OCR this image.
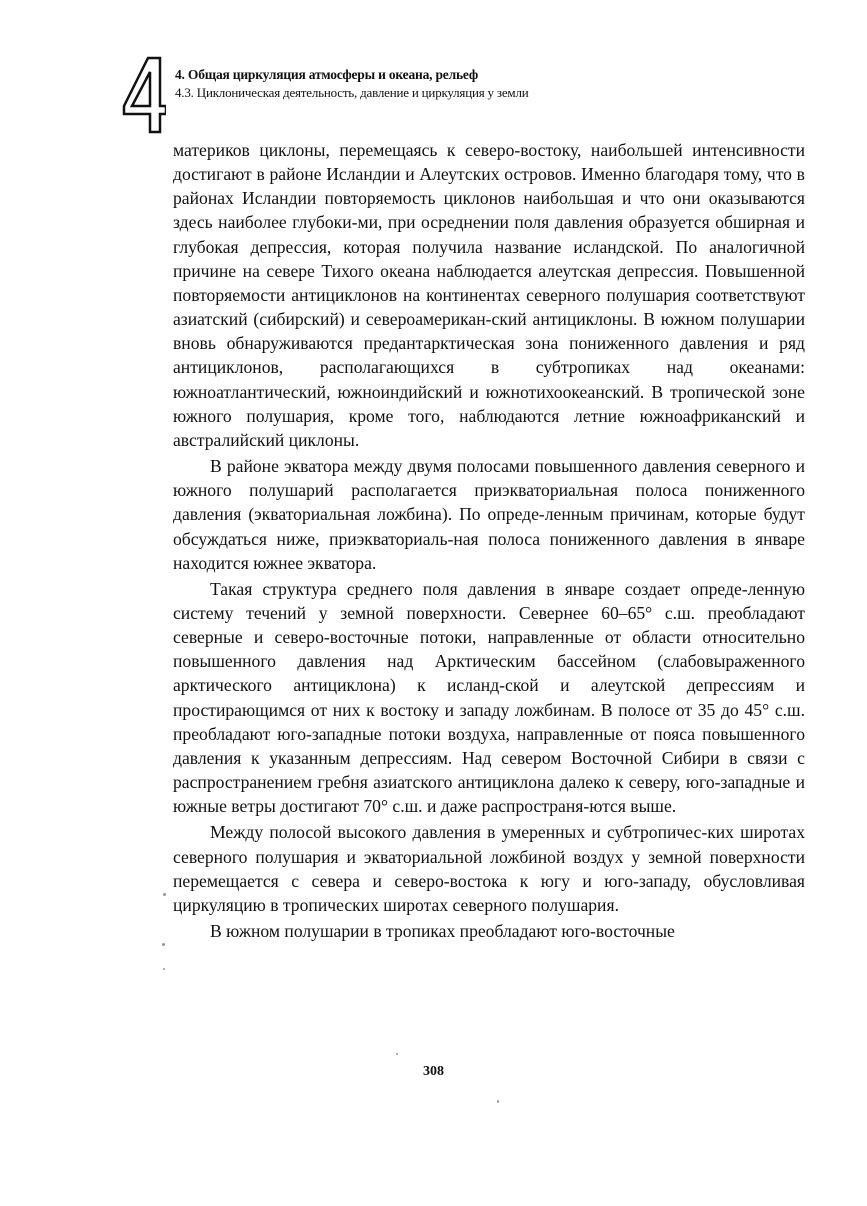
4. Общая циркуляция атмосферы и океана, рельеф
4.3. Циклоническая деятельность, давление и циркуляция у земли

материков циклоны, перемещаясь к северо-востоку, наибольшей интенсивности достигают в районе Исландии и Алеутских островов. Именно благодаря тому, что в районах Исландии повторяемость циклонов наибольшая и что они оказываются здесь наиболее глубоки-ми, при осреднении поля давления образуется обширная и глубокая депрессия, которая получила название исландской. По аналогичной причине на севере Тихого океана наблюдается алеутская депрессия. Повышенной повторяемости антициклонов на континентах северного полушария соответствуют азиатский (сибирский) и североамерикан-ский антициклоны. В южном полушарии вновь обнаруживаются предантарктическая зона пониженного давления и ряд антициклонов, располагающихся в субтропиках над океанами: южноатлантический, южноиндийский и южнотихоокеанский. В тропической зоне южного полушария, кроме того, наблюдаются летние южноафриканский и австралийский циклоны.

В районе экватора между двумя полосами повышенного давления северного и южного полушарий располагается приэкваториальная полоса пониженного давления (экваториальная ложбина). По опреде-ленным причинам, которые будут обсуждаться ниже, приэкваториаль-ная полоса пониженного давления в январе находится южнее экватора.

Такая структура среднего поля давления в январе создает опреде-ленную систему течений у земной поверхности. Севернее 60–65° с.ш. преобладают северные и северо-восточные потоки, направленные от области относительно повышенного давления над Арктическим бассейном (слабовыраженного арктического антициклона) к исланд-ской и алеутской депрессиям и простирающимся от них к востоку и западу ложбинам. В полосе от 35 до 45° с.ш. преобладают юго-западные потоки воздуха, направленные от пояса повышенного давления к указанным депрессиям. Над севером Восточной Сибири в связи с распространением гребня азиатского антициклона далеко к северу, юго-западные и южные ветры достигают 70° с.ш. и даже распространя-ются выше.

Между полосой высокого давления в умеренных и субтропичес-ких широтах северного полушария и экваториальной ложбиной воздух у земной поверхности перемещается с севера и северо-востока к югу и юго-западу, обусловливая циркуляцию в тропических широтах северного полушария.

В южном полушарии в тропиках преобладают юго-восточные

308
